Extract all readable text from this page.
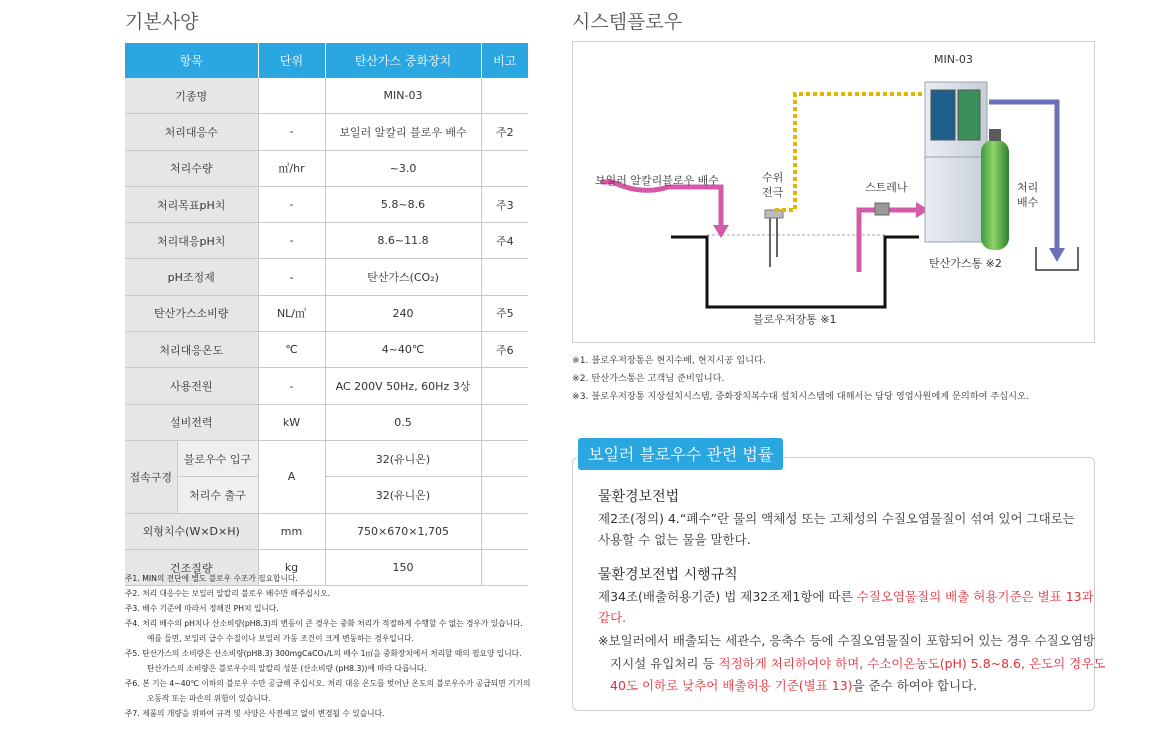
기본사양	시스템플로우
항목		단위	탄산가스 중화장치	비고
기종명			MIN-03	
처리대응수		-	보일러 알칼리 블로우 배수	주2
처리수량		㎥/hr	~3.0	
처리목표pH치		-	5.8~8.6	주3
처리대응pH치		-	8.6~11.8	주4
pH조정제		-	탄산가스(CO₂)	
탄산가스소비량		NL/㎥	240	주5
처리대응온도		℃	4~40℃	주6
사용전원		-	AC 200V 50Hz, 60Hz 3상	
설비전력		kW	0.5	
접속구경	블로우수 입구	A	32(유니온)	
	처리수 출구		32(유니온)	
외형치수(W×D×H)		mm	750×670×1,705	
건조질량		kg	150	
주1. MIN의 전단에 별도 블로우 수조가 필요합니다.
주2. 처리 대응수는 보일러 알칼리 블로우 배수만 해주십시오.
주3. 배수 기준에 따라서 정해진 PH치 입니다.
주4. 처리 배수의 pH치나 산소비량(pH8.3)의 변동이 큰 경우는 중화 처리가 적절하게 수행할 수 없는 경우가 있습니다.
예를 들면, 보일러 급수 수질이나 보일러 가동 조건이 크게 변동하는 경우입니다.
주5. 탄산가스의 소비량은 산소비량(pH8.3) 300mgCaCO₃/L의 배수 1㎥을 중화장치에서 처리할 때의 필요양 입니다.
탄산가스의 소비량은 블로우수의 알칼리 성분 (산소비량 (pH8.3))에 따라 다릅니다.
주6. 본 기는 4~40℃ 이하의 블로우 수만 공급해 주십시오. 처리 대응 온도를 벗어난 온도의 블로우수가 공급되면 기기의
오동작 또는 파손의 위험이 있습니다.
주7. 제품의 개량을 위하여 규격 및 사양은 사전예고 없이 변경될 수 있습니다.
MIN-03
보일러 알칼리블로우 배수	수위
전극	스트레나	처리
배수
탄산가스통 ※2
블로우저장통 ※1
※1. 블로우저장통은 현지수배, 현지시공 입니다.
※2. 탄산가스통은 고객님 준비입니다.
※3. 블로우저장통 지상설치시스템, 중화장치복수대 설치시스템에 대해서는 담당 영업사원에게 문의하여 주십시오.
보일러 블로우수 관련 법률
물환경보전법
제2조(정의) 4.“폐수”란 물의 액체성 또는 고체성의 수질오염물질이 섞여 있어 그대로는
사용할 수 없는 물을 말한다.
물환경보전법 시행규칙
제34조(배출허용기준) 법 제32조제1항에 따른 수질오염물질의 배출 허용기준은 별표 13과
같다.
※보일러에서 배출되는 세관수, 응축수 등에 수질오염물질이 포함되어 있는 경우 수질오염방
지시설 유입처리 등 적정하게 처리하여야 하며, 수소이온농도(pH) 5.8~8.6, 온도의 경우도
40도 이하로 낮추어 배출허용 기준(별표 13)을 준수 하여야 합니다.
